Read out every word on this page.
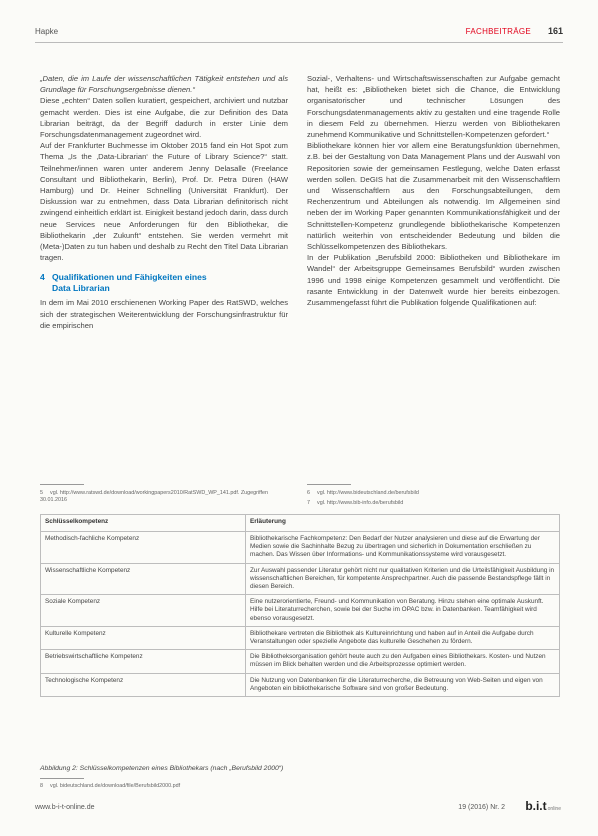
Hapke	FACHBEITRÄGE 161

„Daten, die im Laufe der wissenschaftlichen Tätigkeit entstehen und als Grundlage für Forschungsergebnisse dienen.“

Diese „echten“ Daten sollen kuratiert, gespeichert, archiviert und nutzbar gemacht werden. Dies ist eine Aufgabe, die zur Definition des Data Librarian beiträgt, da der Begriff dadurch in erster Linie dem Forschungsdatenmanagement zugeordnet wird.

Auf der Frankfurter Buchmesse im Oktober 2015 fand ein Hot Spot zum Thema „Is the ‚Data-Librarian‘ the Future of Library Science?“ statt. Teilnehmer/innen waren unter anderem Jenny Delasalle (Freelance Consultant und Bibliothekarin, Berlin), Prof. Dr. Petra Düren (HAW Hamburg) und Dr. Heiner Schnelling (Universität Frankfurt). Der Diskussion war zu entnehmen, dass Data Librarian definitorisch nicht zwingend einheitlich erklärt ist. Einigkeit bestand jedoch darin, dass durch neue Services neue Anforderungen für den Bibliothekar, die Bibliothekarin „der Zukunft“ entstehen. Sie werden vermehrt mit (Meta-)Daten zu tun haben und deshalb zu Recht den Titel Data Librarian tragen.

4 Qualifikationen und Fähigkeiten eines
Data Librarian

In dem im Mai 2010 erschienenen Working Paper des RatSWD, welches sich der strategischen Weiterentwicklung der Forschungsinfrastruktur für die empirischen

Sozial-, Verhaltens- und Wirtschaftswissenschaften zur Aufgabe gemacht hat, heißt es: „Bibliotheken bietet sich die Chance, die Entwicklung organisatorischer und technischer Lösungen des Forschungsdatenmanagements aktiv zu gestalten und eine tragende Rolle in diesem Feld zu übernehmen. Hierzu werden von Bibliothekaren zunehmend Kommunikative und Schnittstellen-Kompetenzen gefordert.“

Bibliothekare können hier vor allem eine Beratungsfunktion übernehmen, z.B. bei der Gestaltung von Data Management Plans und der Auswahl von Repositorien sowie der gemeinsamen Festlegung, welche Daten erfasst werden sollen. DeGIS hat die Zusammenarbeit mit den Wissenschaftlern und Wissenschaftlern aus den Forschungsabteilungen, dem Rechenzentrum und Abteilungen als notwendig. Im Allgemeinen sind neben der im Working Paper genannten Kommunikationsfähigkeit und der Schnittstellen-Kompetenz grundlegende bibliothekarische Kompetenzen natürlich weiterhin von entscheidender Bedeutung und bilden die Schlüsselkompetenzen des Bibliothekars.

In der Publikation „Berufsbild 2000: Bibliotheken und Bibliothekare im Wandel“ der Arbeitsgruppe Gemeinsames Berufsbild“ wurden zwischen 1996 und 1998 einige Kompetenzen gesammelt und veröffentlicht. Die rasante Entwicklung in der Datenwelt wurde hier bereits einbezogen. Zusammengefasst führt die Publikation folgende Qualifikationen auf:

5 vgl. http://www.ratswd.de/download/workingpapers2010/RatSWD_WP_141.pdf. Zugegriffen 30.01.2016
6 vgl. http://www.bideutschland.de/berufsbild
7 vgl. http://www.bib-info.de/berufsbild
Schlüsselkompetenz	Erläuterung
Methodisch-fachliche Kompetenz	Bibliothekarische Fachkompetenz: Den Bedarf der Nutzer analysieren und diese auf die Erwartung der Medien sowie die Sachinhalte Bezug zu übertragen und sicherlich in Dokumentation erschließen zu machen. Das Wissen über Informations- und Kommunikationssysteme wird vorausgesetzt.
Wissenschaftliche Kompetenz	Zur Auswahl passender Literatur gehört nicht nur qualitativen Kriterien und die Urteilsfähigkeit Ausbildung in wissenschaftlichen Bereichen, für kompetente Ansprechpartner. Auch die passende Bestandspflege fällt in diesen Bereich.
Soziale Kompetenz	Eine nutzerorientierte, Freund- und Kommunikation von Beratung. Hinzu stehen eine optimale Auskunft. Hilfe bei Literaturrecherchen, sowie bei der Suche im OPAC bzw. in Datenbanken. Teamfähigkeit wird ebenso vorausgesetzt.
Kulturelle Kompetenz	Bibliothekare vertreten die Bibliothek als Kultureinrichtung und haben auf in Anteil die Aufgabe durch Veranstaltungen oder spezielle Angebote das kulturelle Geschehen zu fördern.
Betriebswirtschaftliche Kompetenz	Die Bibliotheksorganisation gehört heute auch zu den Aufgaben eines Bibliothekars. Kosten- und Nutzen müssen im Blick behalten werden und die Arbeitsprozesse optimiert werden.
Technologische Kompetenz	Die Nutzung von Datenbanken für die Literaturrecherche, die Betreuung von Web-Seiten und eigen von Angeboten ein bibliothekarische Software sind von großer Bedeutung.
Abbildung 2: Schlüsselkompetenzen eines Bibliothekars (nach „Berufsbild 2000“)
8 vgl. bideutschland.de/download/file/Berufsbild2000.pdf
www.b-i-t-online.de	19 (2016) Nr. 2 b.i.tonline
